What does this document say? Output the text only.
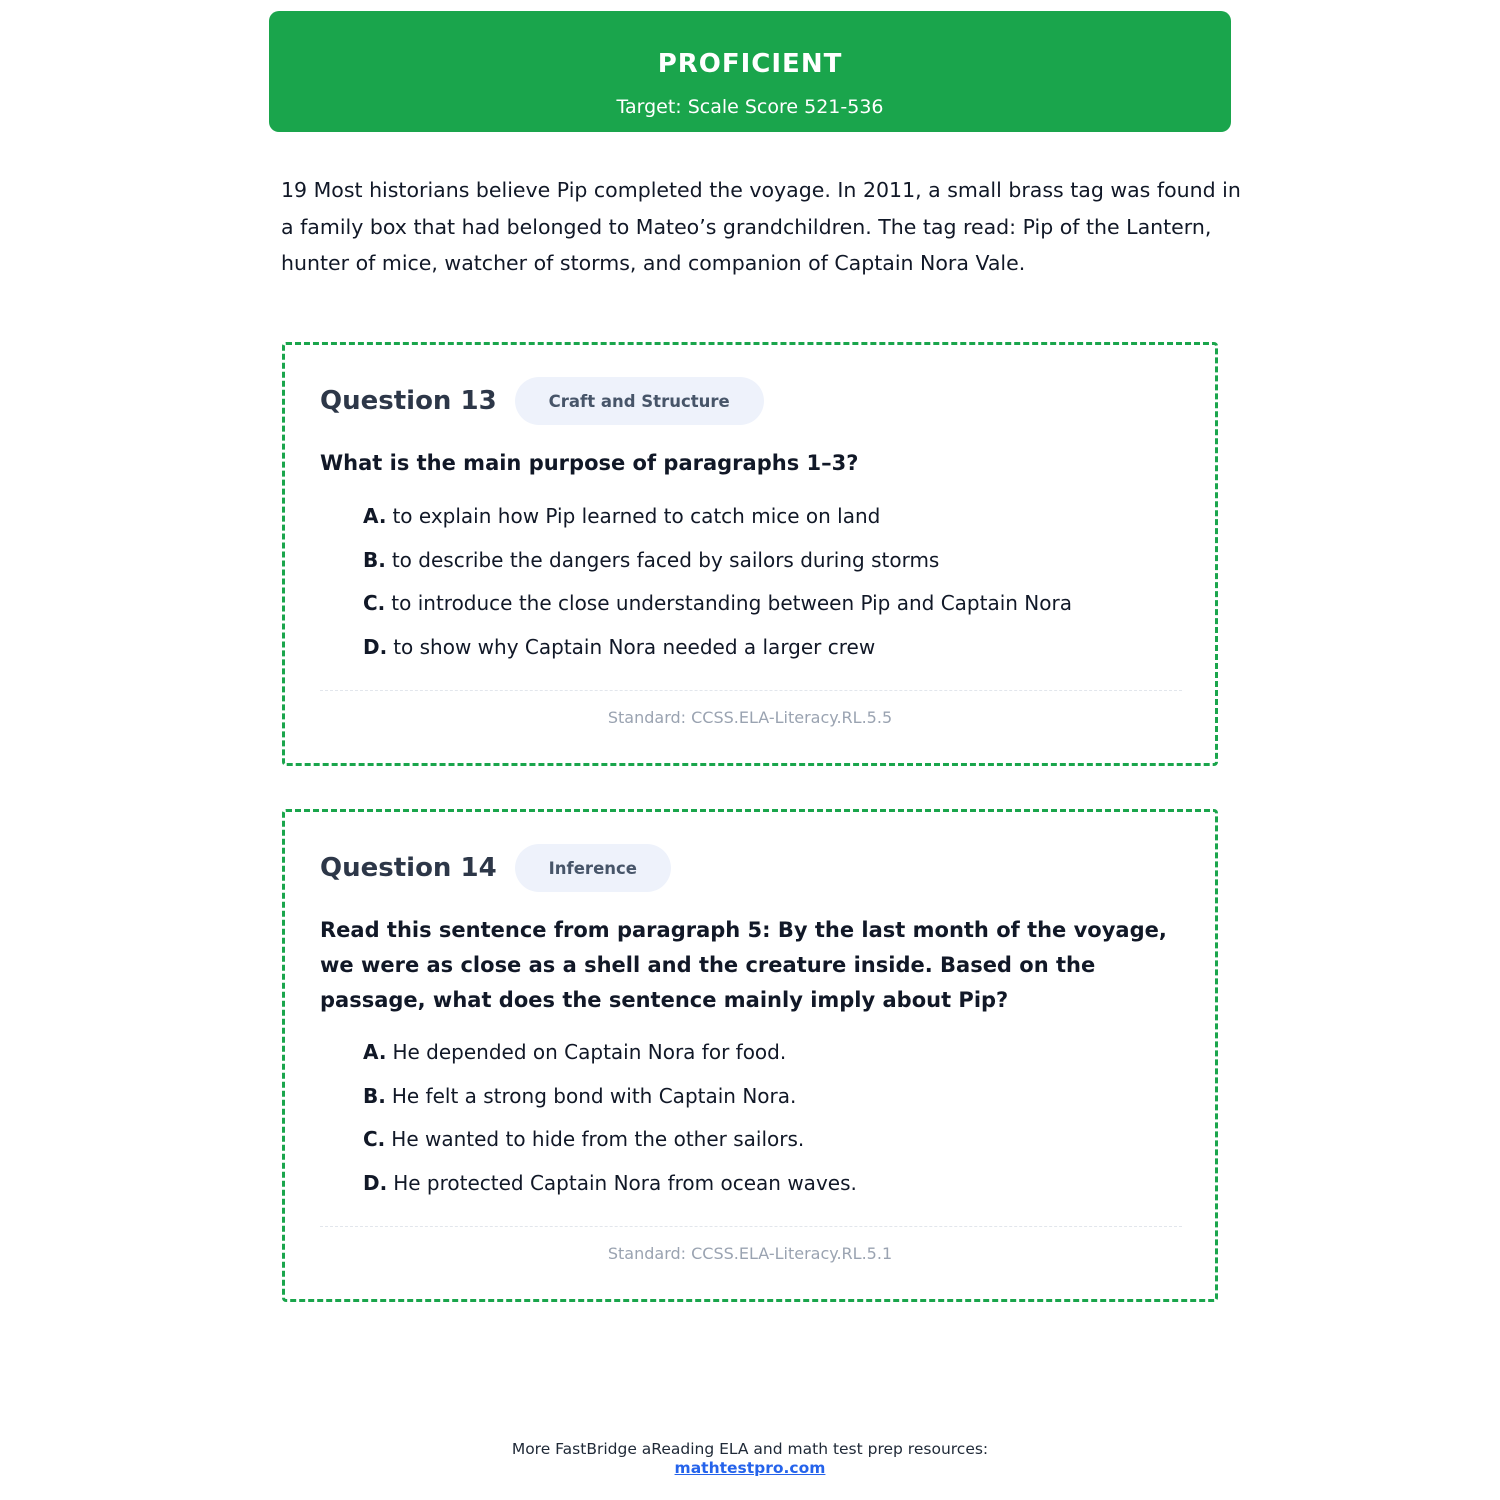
PROFICIENT
Target: Scale Score 521-536
19 Most historians believe Pip completed the voyage. In 2011, a small brass tag was found in a family box that had belonged to Mateo’s grandchildren. The tag read: Pip of the Lantern, hunter of mice, watcher of storms, and companion of Captain Nora Vale.
Question 13	Craft and Structure
What is the main purpose of paragraphs 1–3?
A. to explain how Pip learned to catch mice on land
B. to describe the dangers faced by sailors during storms
C. to introduce the close understanding between Pip and Captain Nora
D. to show why Captain Nora needed a larger crew
Standard: CCSS.ELA-Literacy.RL.5.5
Question 14	Inference
Read this sentence from paragraph 5: By the last month of the voyage, we were as close as a shell and the creature inside. Based on the passage, what does the sentence mainly imply about Pip?
A. He depended on Captain Nora for food.
B. He felt a strong bond with Captain Nora.
C. He wanted to hide from the other sailors.
D. He protected Captain Nora from ocean waves.
Standard: CCSS.ELA-Literacy.RL.5.1
More FastBridge aReading ELA and math test prep resources:
mathtestpro.com
